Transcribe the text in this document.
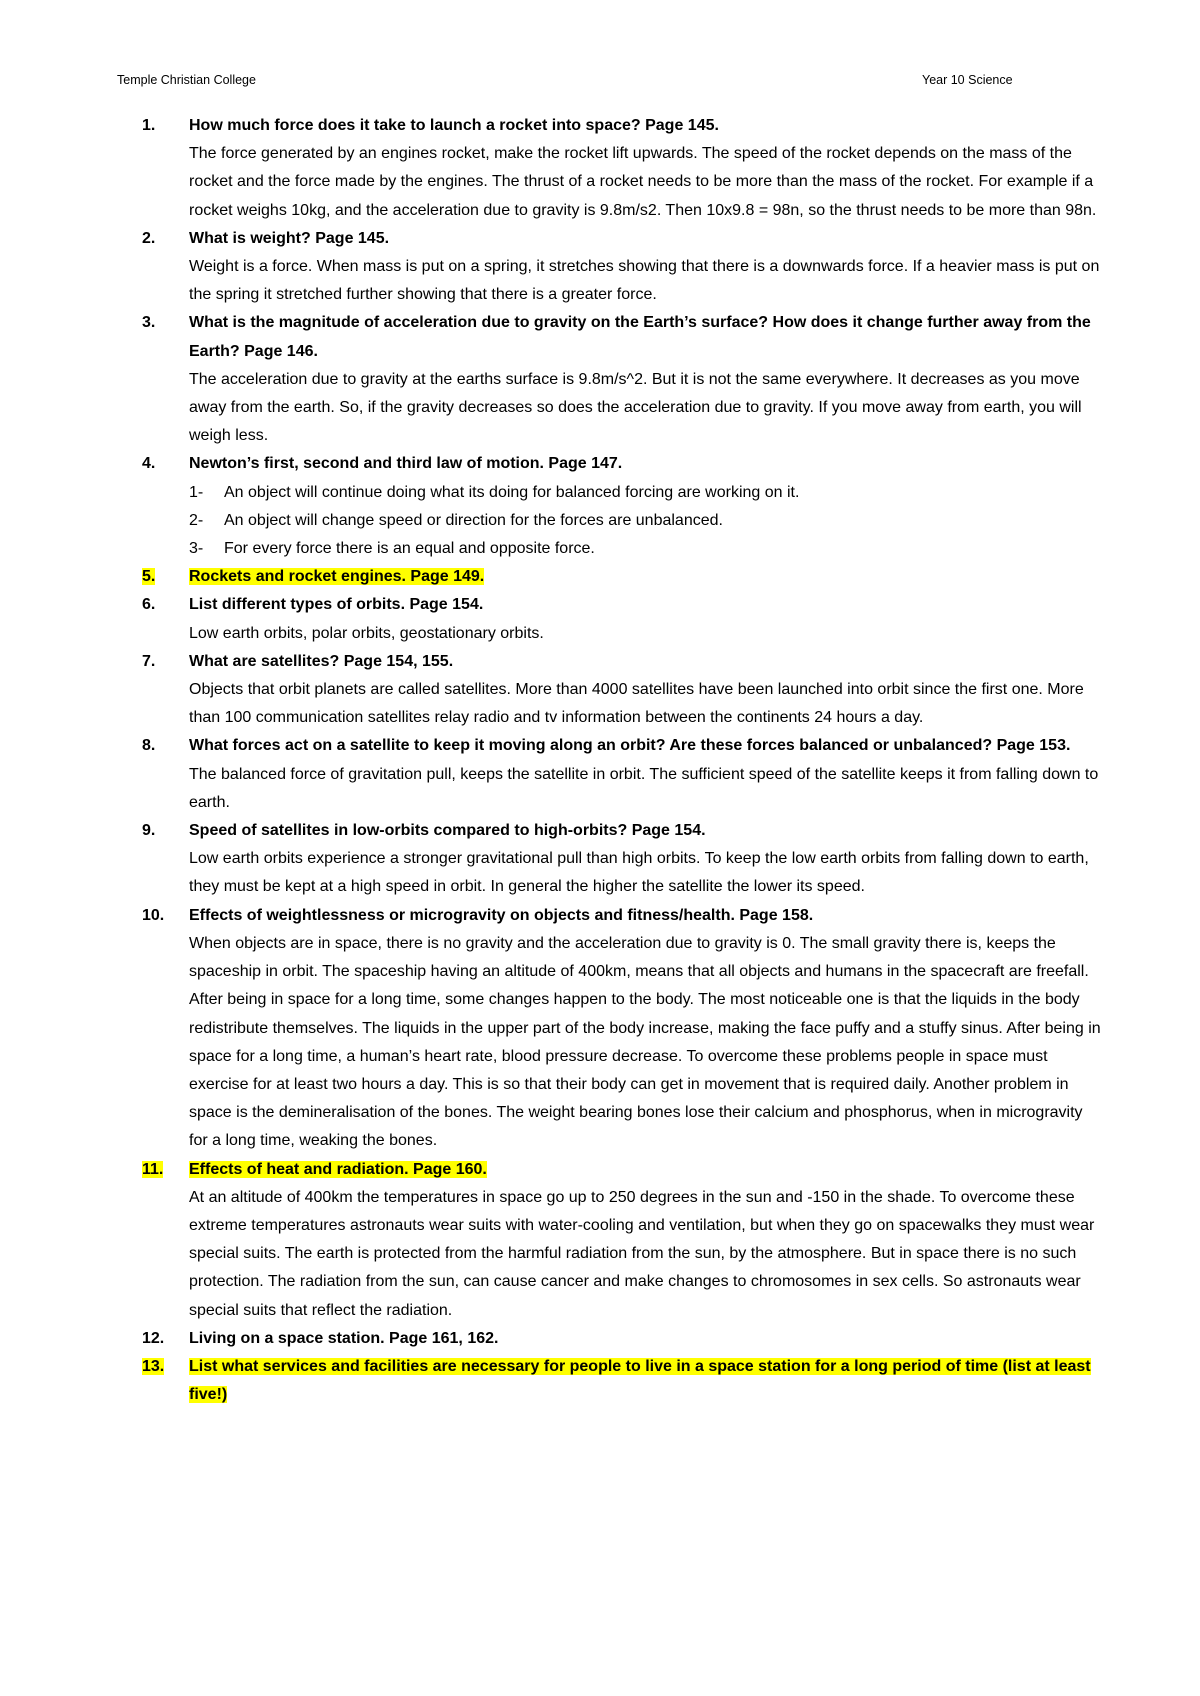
Temple Christian College	Year 10 Science
1.	How much force does it take to launch a rocket into space? Page 145.
The force generated by an engines rocket, make the rocket lift upwards. The speed of the rocket depends on the mass of the rocket and the force made by the engines. The thrust of a rocket needs to be more than the mass of the rocket. For example if a rocket weighs 10kg, and the acceleration due to gravity is 9.8m/s2. Then 10x9.8 = 98n, so the thrust needs to be more than 98n.
2.	What is weight? Page 145.
Weight is a force. When mass is put on a spring, it stretches showing that there is a downwards force. If a heavier mass is put on the spring it stretched further showing that there is a greater force.
3.	What is the magnitude of acceleration due to gravity on the Earth’s surface? How does it change further away from the Earth? Page 146.
The acceleration due to gravity at the earths surface is 9.8m/s^2. But it is not the same everywhere. It decreases as you move away from the earth. So, if the gravity decreases so does the acceleration due to gravity. If you move away from earth, you will weigh less.
4.	Newton’s first, second and third law of motion. Page 147.
1-	An object will continue doing what its doing for balanced forcing are working on it.
2-	An object will change speed or direction for the forces are unbalanced.
3-	For every force there is an equal and opposite force.
5.	Rockets and rocket engines. Page 149.
6.	List different types of orbits. Page 154.
Low earth orbits, polar orbits, geostationary orbits.
7.	What are satellites? Page 154, 155.
Objects that orbit planets are called satellites. More than 4000 satellites have been launched into orbit since the first one. More than 100 communication satellites relay radio and tv information between the continents 24 hours a day.
8.	What forces act on a satellite to keep it moving along an orbit? Are these forces balanced or unbalanced? Page 153.
The balanced force of gravitation pull, keeps the satellite in orbit. The sufficient speed of the satellite keeps it from falling down to earth.
9.	Speed of satellites in low-orbits compared to high-orbits? Page 154.
Low earth orbits experience a stronger gravitational pull than high orbits. To keep the low earth orbits from falling down to earth, they must be kept at a high speed in orbit. In general the higher the satellite the lower its speed.
10.	Effects of weightlessness or microgravity on objects and fitness/health. Page 158.
When objects are in space, there is no gravity and the acceleration due to gravity is 0. The small gravity there is, keeps the spaceship in orbit. The spaceship having an altitude of 400km, means that all objects and humans in the spacecraft are freefall. After being in space for a long time, some changes happen to the body. The most noticeable one is that the liquids in the body redistribute themselves. The liquids in the upper part of the body increase, making the face puffy and a stuffy sinus. After being in space for a long time, a human’s heart rate, blood pressure decrease. To overcome these problems people in space must exercise for at least two hours a day. This is so that their body can get in movement that is required daily. Another problem in space is the demineralisation of the bones. The weight bearing bones lose their calcium and phosphorus, when in microgravity for a long time, weaking the bones.
11.	Effects of heat and radiation. Page 160.
At an altitude of 400km the temperatures in space go up to 250 degrees in the sun and -150 in the shade. To overcome these extreme temperatures astronauts wear suits with water-cooling and ventilation, but when they go on spacewalks they must wear special suits. The earth is protected from the harmful radiation from the sun, by the atmosphere. But in space there is no such protection. The radiation from the sun, can cause cancer and make changes to chromosomes in sex cells. So astronauts wear special suits that reflect the radiation.
12.	Living on a space station. Page 161, 162.
13.	List what services and facilities are necessary for people to live in a space station for a long period of time (list at least five!)
